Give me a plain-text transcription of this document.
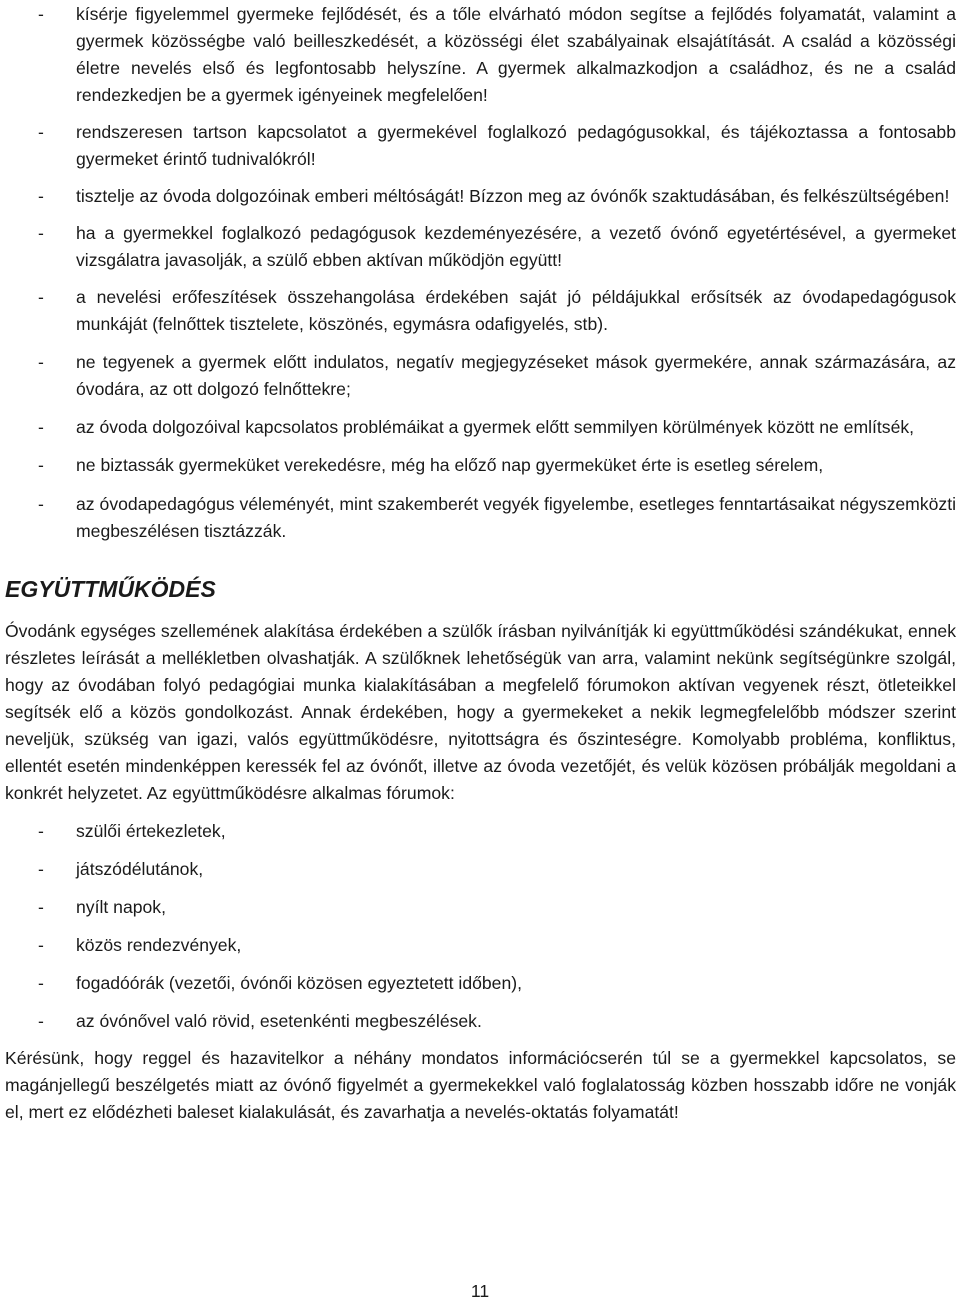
- kísérje figyelemmel gyermeke fejlődését, és a tőle elvárható módon segítse a fejlődés folyamatát, valamint a gyermek közösségbe való beilleszkedését, a közösségi élet szabályainak elsajátítását. A család a közösségi életre nevelés első és legfontosabb helyszíne. A gyermek alkalmazkodjon a családhoz, és ne a család rendezkedjen be a gyermek igényeinek megfelelően!

- rendszeresen tartson kapcsolatot a gyermekével foglalkozó pedagógusokkal, és tájékoztassa a fontosabb gyermeket érintő tudnivalókról!

- tisztelje az óvoda dolgozóinak emberi méltóságát! Bízzon meg az óvónők szaktudásában, és felkészültségében!

- ha a gyermekkel foglalkozó pedagógusok kezdeményezésére, a vezető óvónő egyetértésével, a gyermeket vizsgálatra javasolják, a szülő ebben aktívan működjön együtt!

- a nevelési erőfeszítések összehangolása érdekében saját jó példájukkal erősítsék az óvodapedagógusok munkáját (felnőttek tisztelete, köszönés, egymásra odafigyelés, stb).

- ne tegyenek a gyermek előtt indulatos, negatív megjegyzéseket mások gyermekére, annak származására, az óvodára, az ott dolgozó felnőttekre;

- az óvoda dolgozóival kapcsolatos problémáikat a gyermek előtt semmilyen körülmények között ne említsék,

- ne biztassák gyermeküket verekedésre, még ha előző nap gyermeküket érte is esetleg sérelem,

- az óvodapedagógus véleményét, mint szakemberét vegyék figyelembe, esetleges fenntartásaikat négyszemközti megbeszélésen tisztázzák.

EGYÜTTMŰKÖDÉS

Óvodánk egységes szellemének alakítása érdekében a szülők írásban nyilvánítják ki együttműködési szándékukat, ennek részletes leírását a mellékletben olvashatják. A szülőknek lehetőségük van arra, valamint nekünk segítségünkre szolgál, hogy az óvodában folyó pedagógiai munka kialakításában a megfelelő fórumokon aktívan vegyenek részt, ötleteikkel segítsék elő a közös gondolkozást. Annak érdekében, hogy a gyermekeket a nekik legmegfelelőbb módszer szerint neveljük, szükség van igazi, valós együttműködésre, nyitottságra és őszinteségre. Komolyabb probléma, konfliktus, ellentét esetén mindenképpen keressék fel az óvónőt, illetve az óvoda vezetőjét, és velük közösen próbálják megoldani a konkrét helyzetet. Az együttműködésre alkalmas fórumok:

- szülői értekezletek,

- játszódélutánok,

- nyílt napok,

- közös rendezvények,

- fogadóórák (vezetői, óvónői közösen egyeztetett időben),

- az óvónővel való rövid, esetenkénti megbeszélések.

Kérésünk, hogy reggel és hazavitelkor a néhány mondatos információcserén túl se a gyermekkel kapcsolatos, se magánjellegű beszélgetés miatt az óvónő figyelmét a gyermekekkel való foglalatosság közben hosszabb időre ne vonják el, mert ez elődézheti baleset kialakulását, és zavarhatja a nevelés-oktatás folyamatát!

11
